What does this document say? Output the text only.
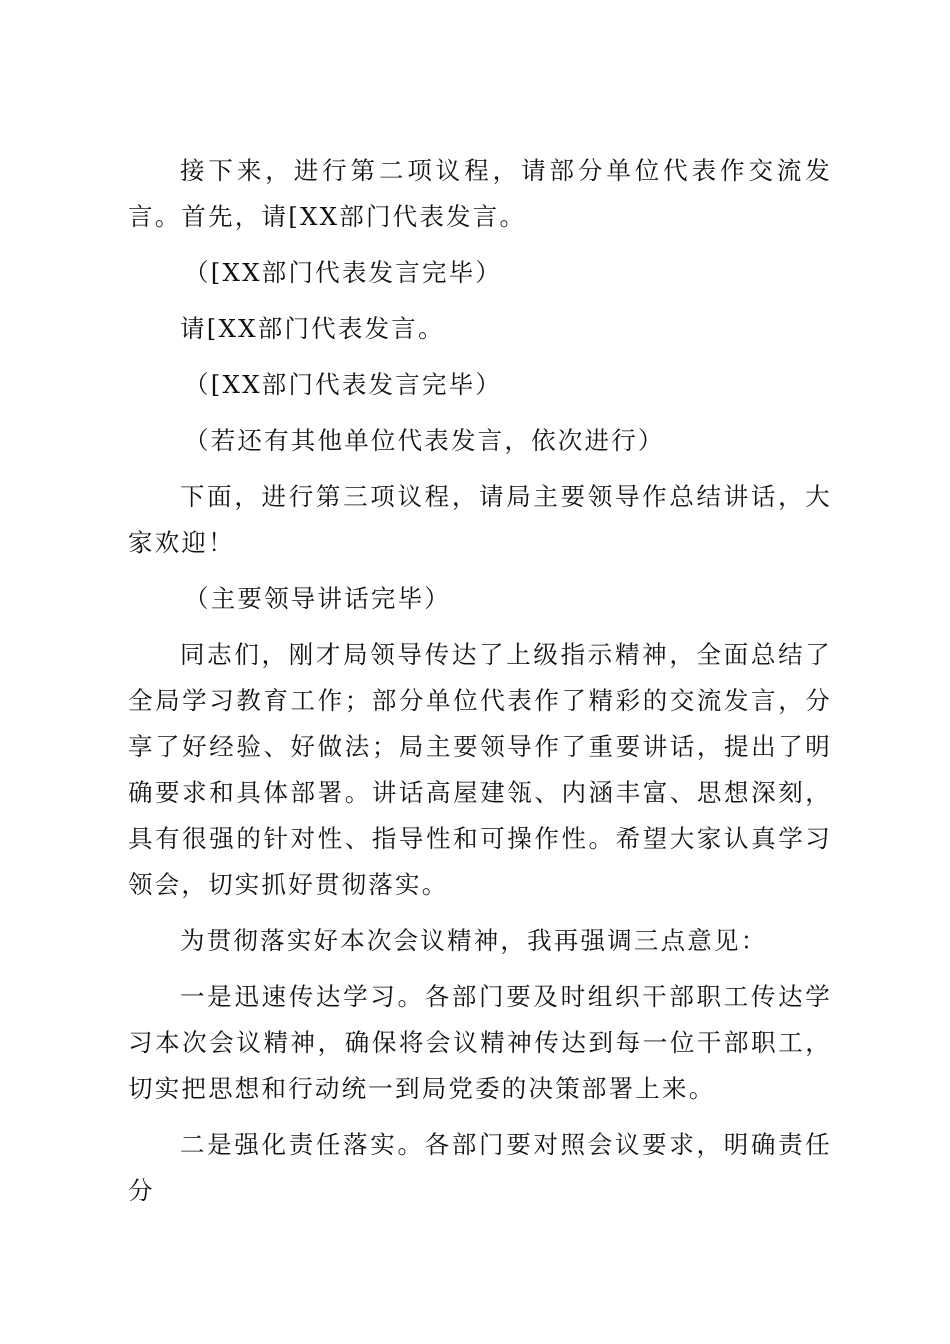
接下来，进行第二项议程，请部分单位代表作交流发言。首先，请[XX部门代表发言。

（[XX部门代表发言完毕）

请[XX部门代表发言。

（[XX部门代表发言完毕）

（若还有其他单位代表发言，依次进行）

下面，进行第三项议程，请局主要领导作总结讲话，大家欢迎！

（主要领导讲话完毕）

同志们，刚才局领导传达了上级指示精神，全面总结了全局学习教育工作；部分单位代表作了精彩的交流发言，分享了好经验、好做法；局主要领导作了重要讲话，提出了明确要求和具体部署。讲话高屋建瓴、内涵丰富、思想深刻，具有很强的针对性、指导性和可操作性。希望大家认真学习领会，切实抓好贯彻落实。

为贯彻落实好本次会议精神，我再强调三点意见：

一是迅速传达学习。各部门要及时组织干部职工传达学习本次会议精神，确保将会议精神传达到每一位干部职工，切实把思想和行动统一到局党委的决策部署上来。

二是强化责任落实。各部门要对照会议要求，明确责任分
